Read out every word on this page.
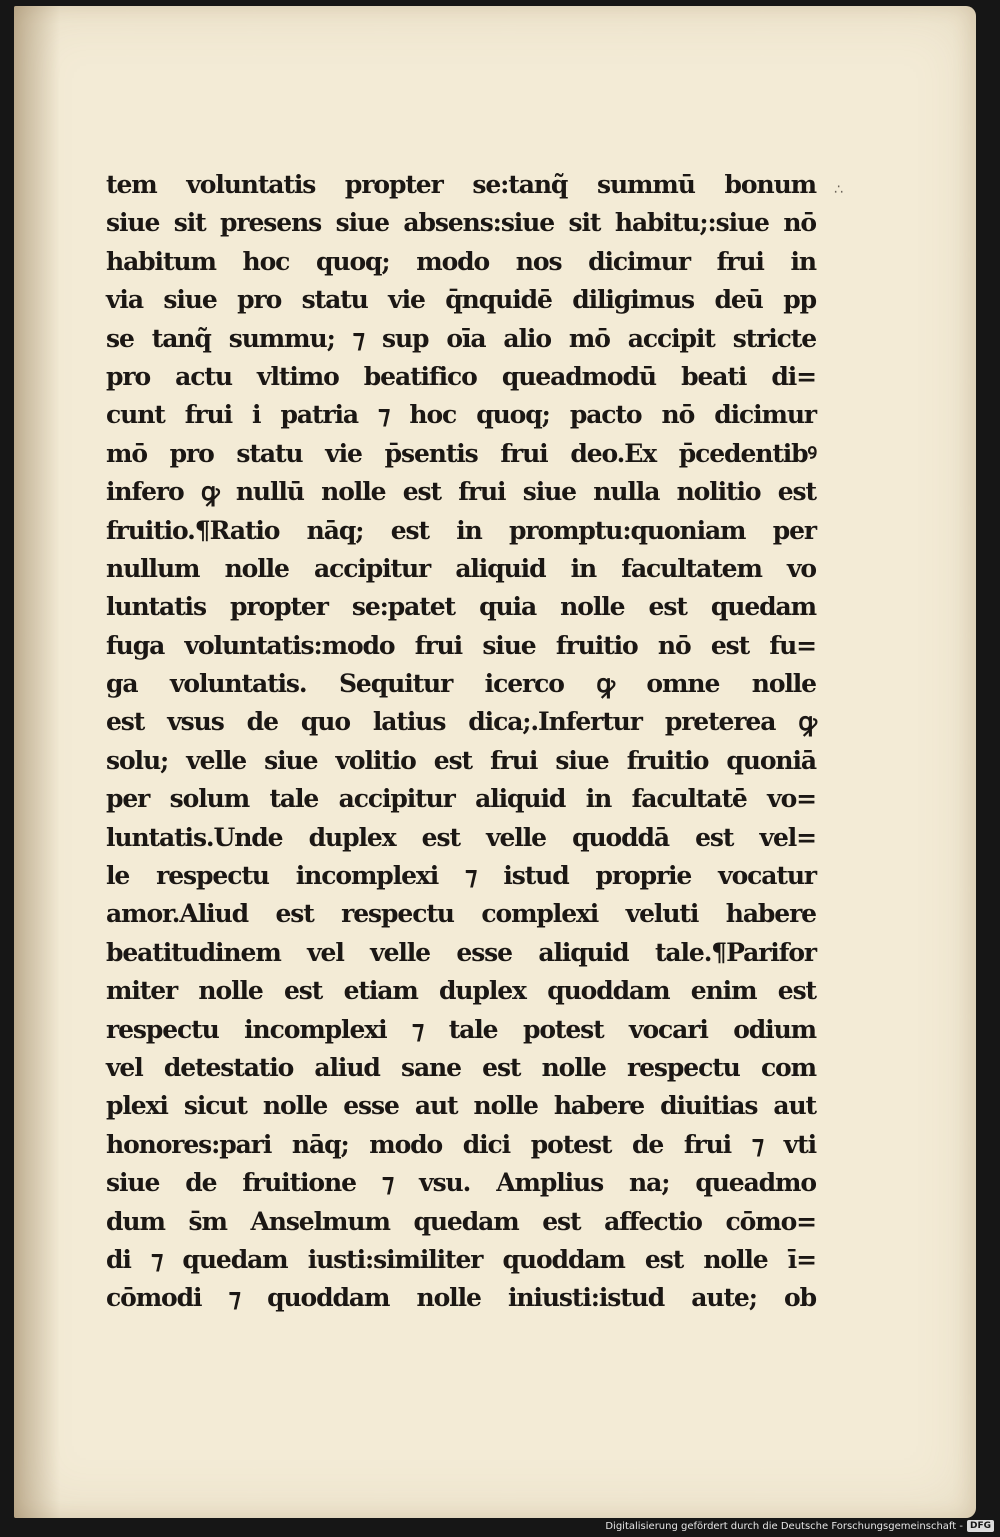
∴
tem voluntatis propter se:tanq̃ summū bonum
siue sit presens siue absens:siue sit habitu;:siue nō
habitum hoc quoq; modo nos dicimur frui in
via siue pro statu vie q̄nquidē diligimus deū pp
se tanq̃ summu; ⁊ sup oīa alio mō accipit stricte
pro actu vltimo beatifico queadmodū beati di=
cunt frui i patria ⁊ hoc quoq; pacto nō dicimur
mō pro statu vie p̄sentis frui deo.Ex p̄cedentibꝰ
infero ꝙ nullū nolle est frui siue nulla nolitio est
fruitio.¶Ratio nāq; est in promptu:quoniam per
nullum nolle accipitur aliquid in facultatem vo
luntatis propter se:patet quia nolle est quedam
fuga voluntatis:modo frui siue fruitio nō est fu=
ga voluntatis. Sequitur icerco ꝙ omne nolle
est vsus de quo latius dica;.Infertur preterea ꝙ
solu; velle siue volitio est frui siue fruitio quoniā
per solum tale accipitur aliquid in facultatē vo=
luntatis.Unde duplex est velle quoddā est vel=
le respectu incomplexi ⁊ istud proprie vocatur
amor.Aliud est respectu complexi veluti habere
beatitudinem vel velle esse aliquid tale.¶Parifor
miter nolle est etiam duplex quoddam enim est
respectu incomplexi ⁊ tale potest vocari odium
vel detestatio aliud sane est nolle respectu com
plexi sicut nolle esse aut nolle habere diuitias aut
honores:pari nāq; modo dici potest de frui ⁊ vti
siue de fruitione ⁊ vsu. Amplius na; queadmo
dum s̄m Anselmum quedam est affectio cōmo=
di ⁊ quedam iusti:similiter quoddam est nolle ī=
cōmodi ⁊ quoddam nolle iniusti:istud aute; ob
Digitalisierung gefördert durch die Deutsche Forschungsgemeinschaft - DFG
